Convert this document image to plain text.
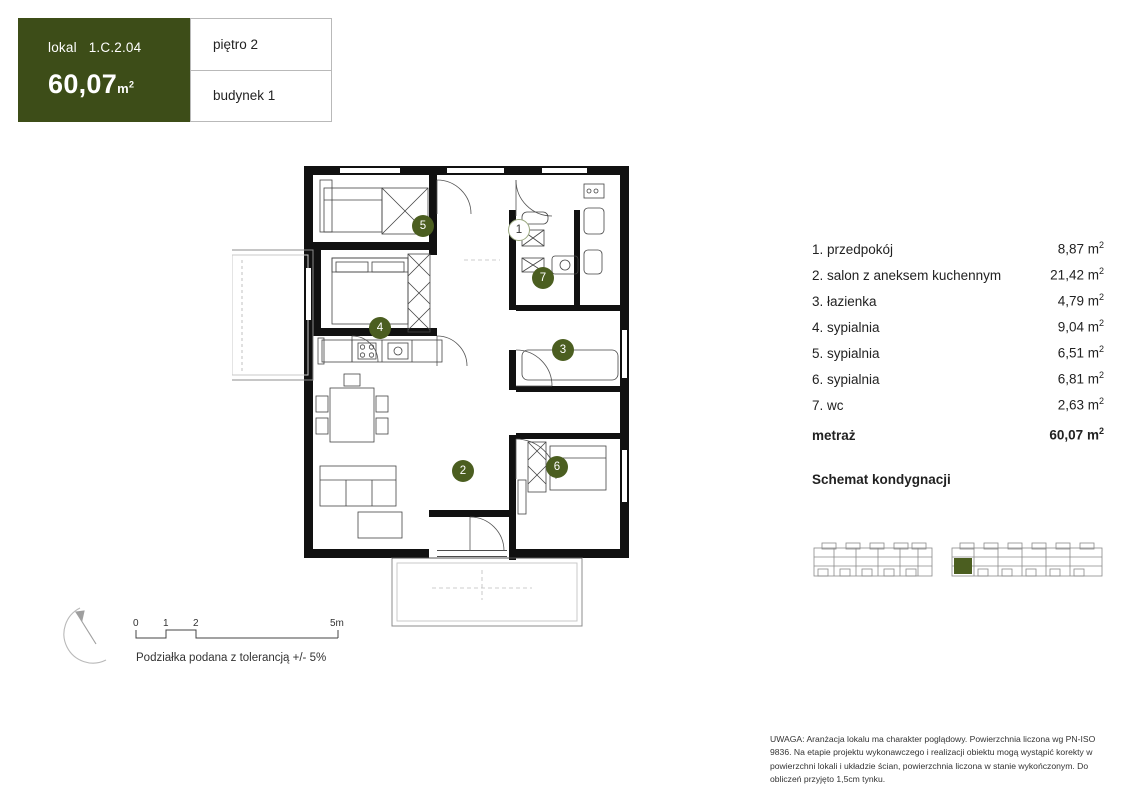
lokal 1.C.2.04
$60,07m^2$
piętro 2
budynek 1
1
2
3
4
5
6
7
1. przedpokój	8,87 $m^2$
2. salon z aneksem kuchennym	21,42 $m^2$
3. łazienka	4,79 $m^2$
4. sypialnia	9,04 $m^2$
5. sypialnia	6,51 $m^2$
6. sypialnia	6,81 $m^2$
7. wc	2,63 $m^2$
metraż	60,07 $m^2$
Schemat kondygnacji
0 1 2	5m
Podziałka podana z tolerancją +/- 5%
UWAGA: Aranżacja lokalu ma charakter poglądowy. Powierzchnia liczona wg PN-ISO 9836. Na etapie projektu wykonawczego i realizacji obiektu mogą wystąpić korekty w powierzchni lokali i układzie ścian, powierzchnia liczona w stanie wykończonym. Do obliczeń przyjęto 1,5cm tynku.
